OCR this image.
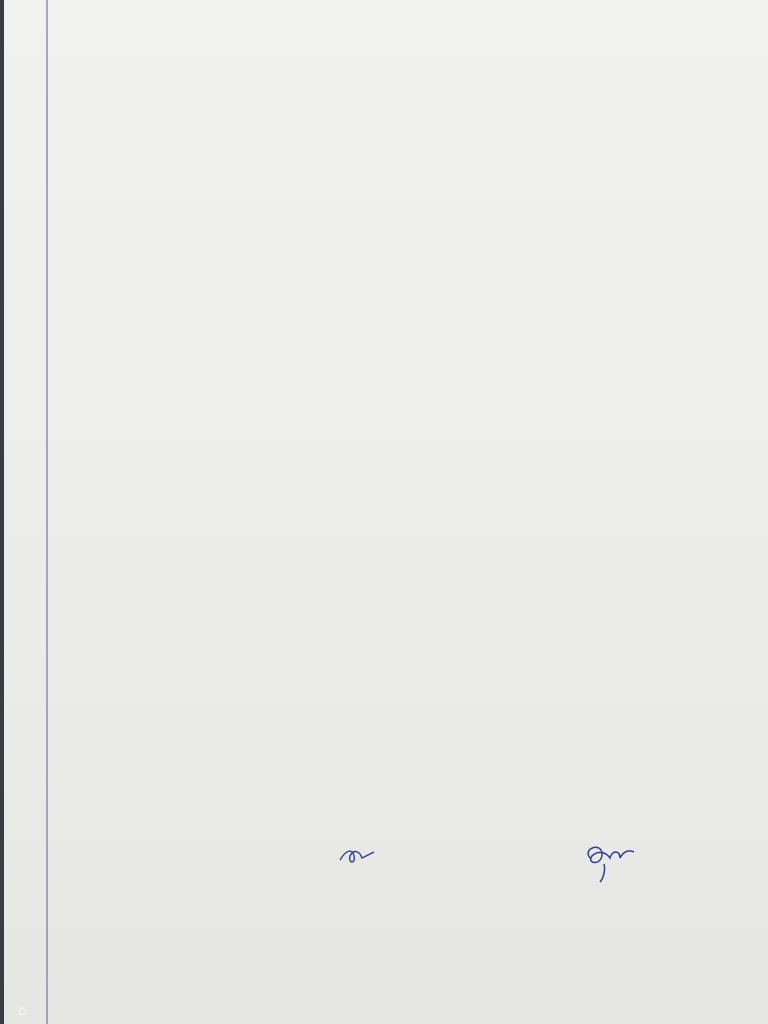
⌂
